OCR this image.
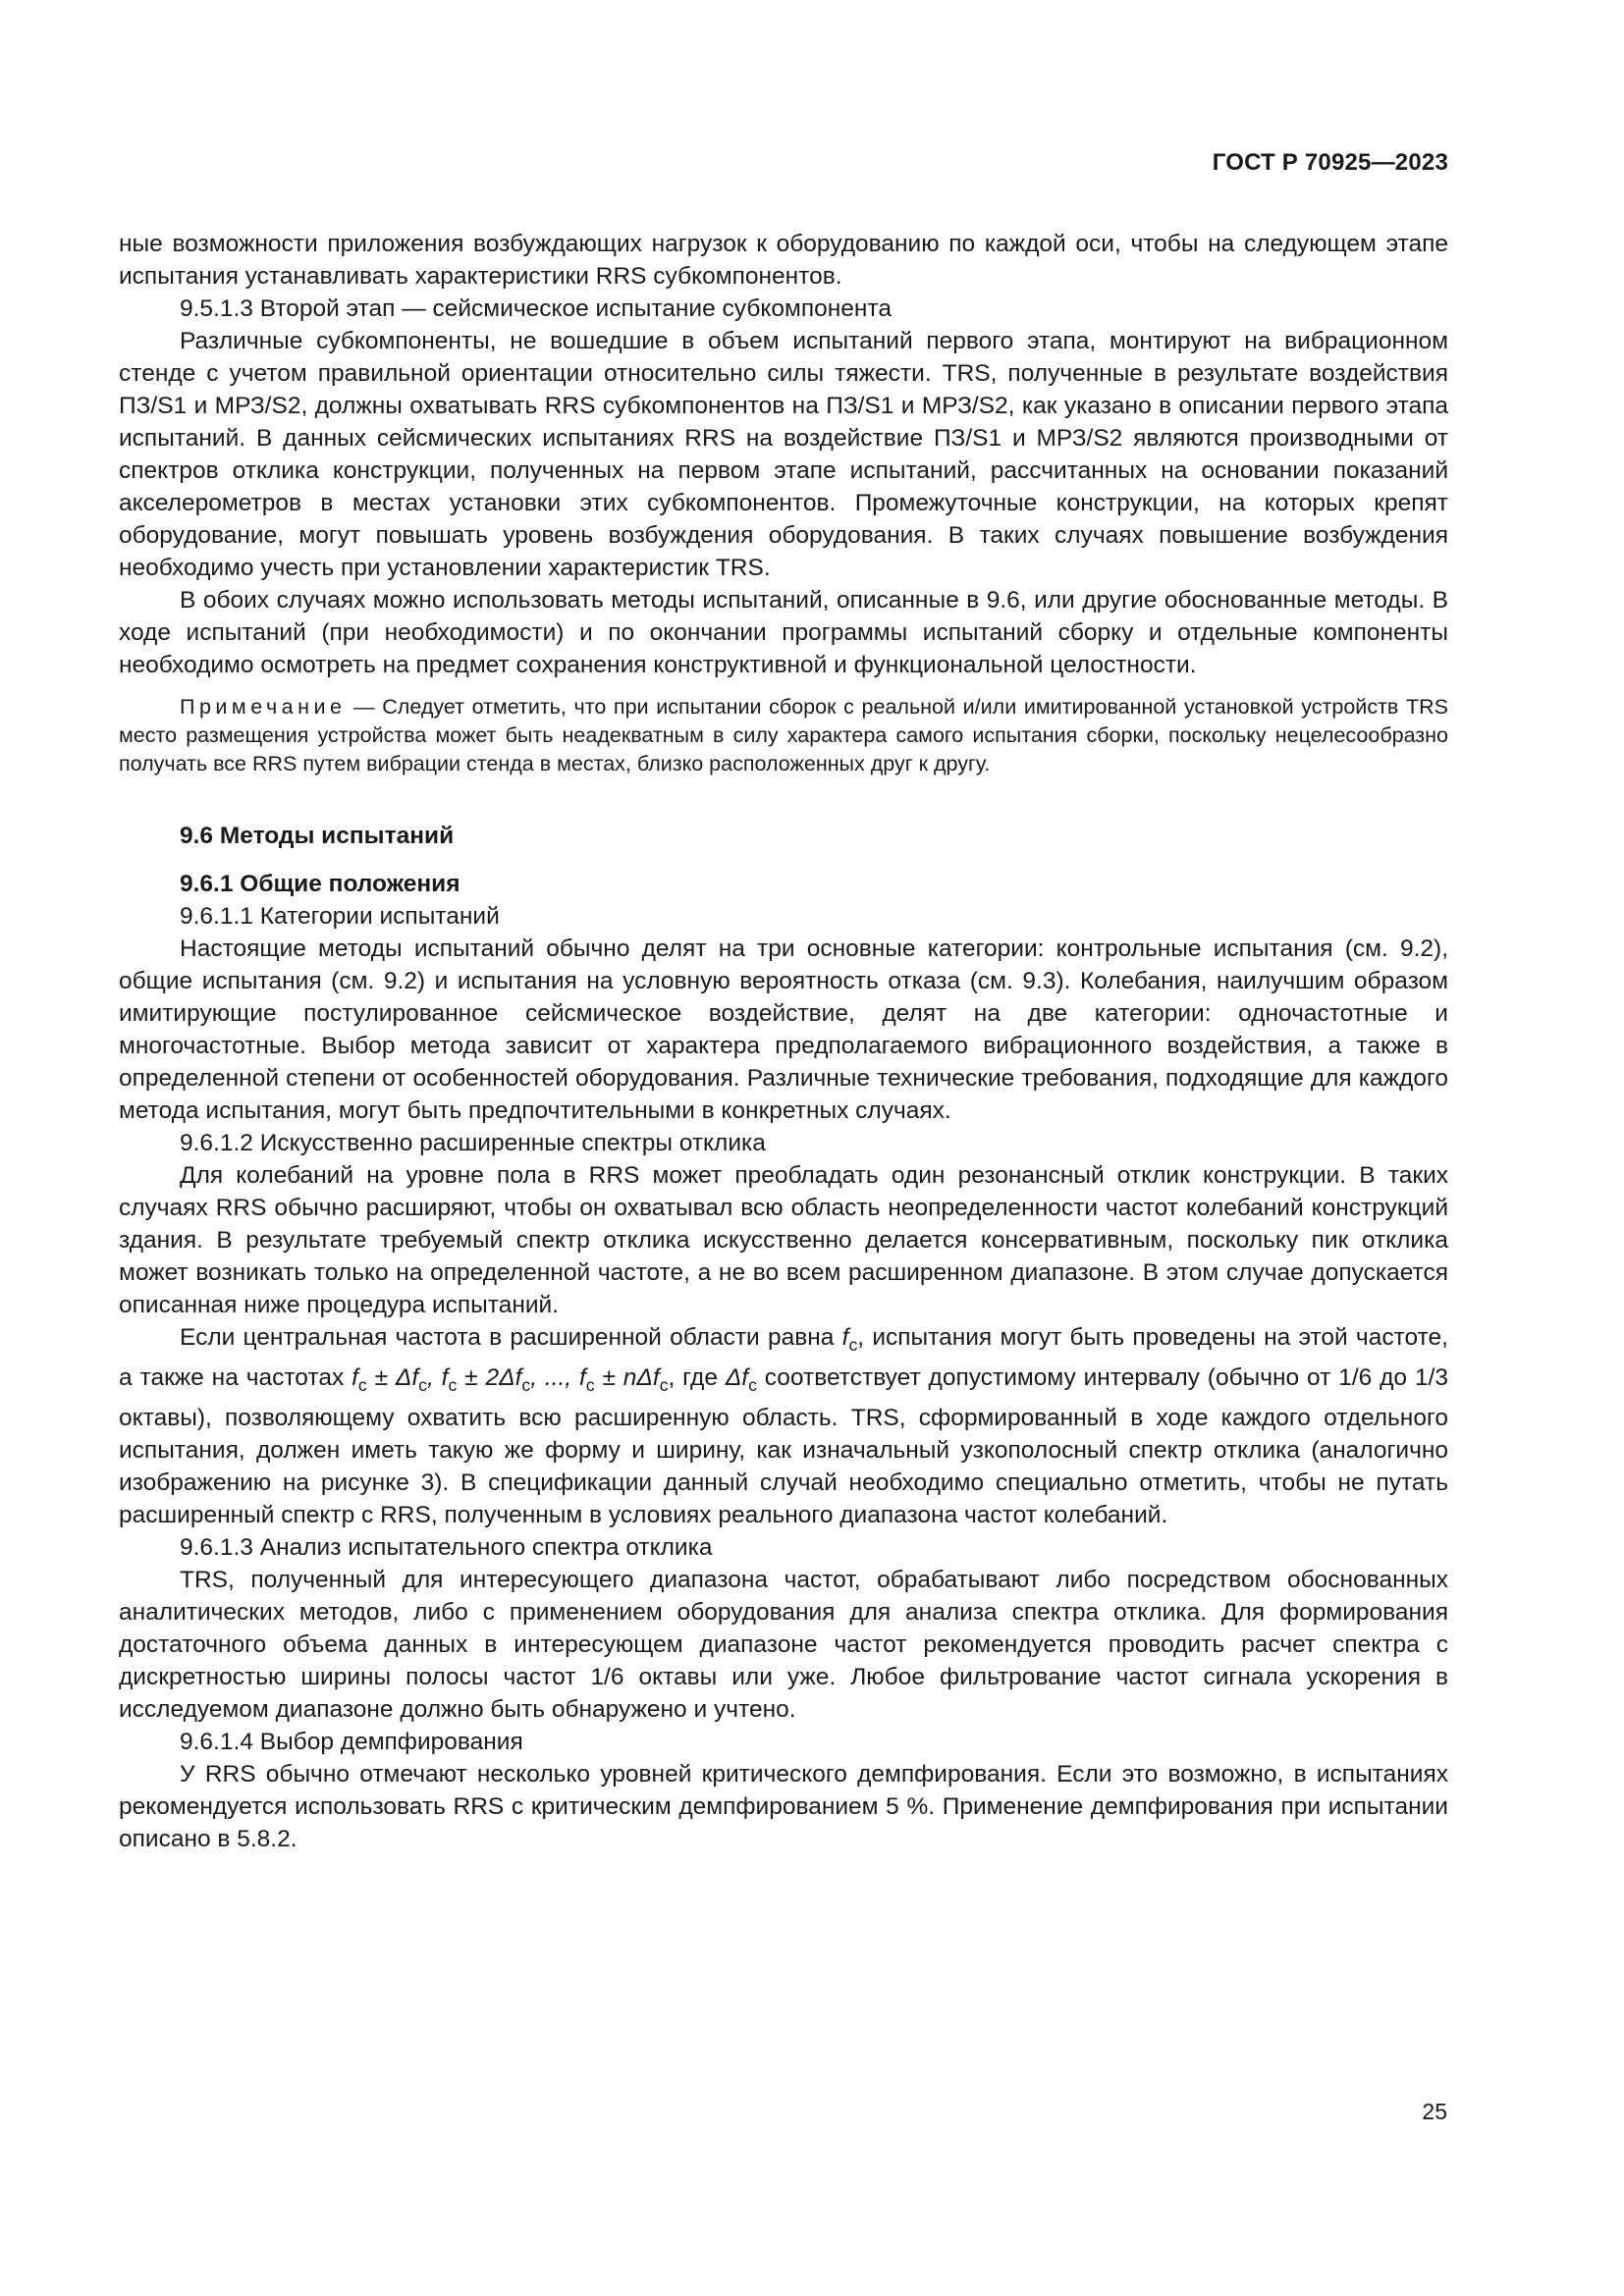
ГОСТ Р 70925—2023

ные возможности приложения возбуждающих нагрузок к оборудованию по каждой оси, чтобы на следующем этапе испытания устанавливать характеристики RRS субкомпонентов.

9.5.1.3 Второй этап — сейсмическое испытание субкомпонента

Различные субкомпоненты, не вошедшие в объем испытаний первого этапа, монтируют на вибрационном стенде с учетом правильной ориентации относительно силы тяжести. TRS, полученные в результате воздействия ПЗ/S1 и МРЗ/S2, должны охватывать RRS субкомпонентов на ПЗ/S1 и МРЗ/S2, как указано в описании первого этапа испытаний. В данных сейсмических испытаниях RRS на воздействие ПЗ/S1 и МРЗ/S2 являются производными от спектров отклика конструкции, полученных на первом этапе испытаний, рассчитанных на основании показаний акселерометров в местах установки этих субкомпонентов. Промежуточные конструкции, на которых крепят оборудование, могут повышать уровень возбуждения оборудования. В таких случаях повышение возбуждения необходимо учесть при установлении характеристик TRS.

В обоих случаях можно использовать методы испытаний, описанные в 9.6, или другие обоснованные методы. В ходе испытаний (при необходимости) и по окончании программы испытаний сборку и отдельные компоненты необходимо осмотреть на предмет сохранения конструктивной и функциональной целостности.

Примечание — Следует отметить, что при испытании сборок с реальной и/или имитированной установкой устройств TRS место размещения устройства может быть неадекватным в силу характера самого испытания сборки, поскольку нецелесообразно получать все RRS путем вибрации стенда в местах, близко расположенных друг к другу.

9.6 Методы испытаний

9.6.1 Общие положения

9.6.1.1 Категории испытаний

Настоящие методы испытаний обычно делят на три основные категории: контрольные испытания (см. 9.2), общие испытания (см. 9.2) и испытания на условную вероятность отказа (см. 9.3). Колебания, наилучшим образом имитирующие постулированное сейсмическое воздействие, делят на две категории: одночастотные и многочастотные. Выбор метода зависит от характера предполагаемого вибрационного воздействия, а также в определенной степени от особенностей оборудования. Различные технические требования, подходящие для каждого метода испытания, могут быть предпочтительными в конкретных случаях.

9.6.1.2 Искусственно расширенные спектры отклика

Для колебаний на уровне пола в RRS может преобладать один резонансный отклик конструкции. В таких случаях RRS обычно расширяют, чтобы он охватывал всю область неопределенности частот колебаний конструкций здания. В результате требуемый спектр отклика искусственно делается консервативным, поскольку пик отклика может возникать только на определенной частоте, а не во всем расширенном диапазоне. В этом случае допускается описанная ниже процедура испытаний.

Если центральная частота в расширенной области равна $f_c$, испытания могут быть проведены на этой частоте, а также на частотах $f_c \pm \Delta f_c$, $f_c \pm 2\Delta f_c$, ..., $f_c \pm n\Delta f_c$, где $\Delta f_c$ соответствует допустимому интервалу (обычно от 1/6 до 1/3 октавы), позволяющему охватить всю расширенную область. TRS, сформированный в ходе каждого отдельного испытания, должен иметь такую же форму и ширину, как изначальный узкополосный спектр отклика (аналогично изображению на рисунке 3). В спецификации данный случай необходимо специально отметить, чтобы не путать расширенный спектр с RRS, полученным в условиях реального диапазона частот колебаний.

9.6.1.3 Анализ испытательного спектра отклика

TRS, полученный для интересующего диапазона частот, обрабатывают либо посредством обоснованных аналитических методов, либо с применением оборудования для анализа спектра отклика. Для формирования достаточного объема данных в интересующем диапазоне частот рекомендуется проводить расчет спектра с дискретностью ширины полосы частот 1/6 октавы или уже. Любое фильтрование частот сигнала ускорения в исследуемом диапазоне должно быть обнаружено и учтено.

9.6.1.4 Выбор демпфирования

У RRS обычно отмечают несколько уровней критического демпфирования. Если это возможно, в испытаниях рекомендуется использовать RRS с критическим демпфированием 5 %. Применение демпфирования при испытании описано в 5.8.2.

25
